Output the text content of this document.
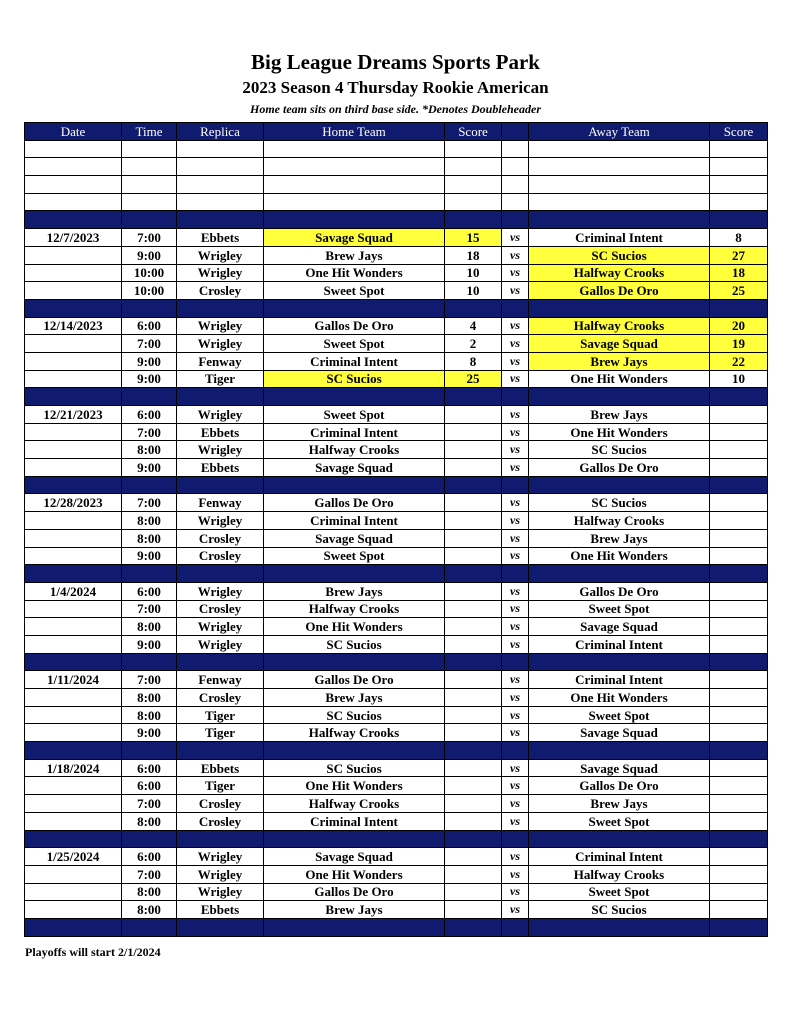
Big League Dreams Sports Park
2023 Season 4 Thursday Rookie American
Home team sits on third base side. *Denotes Doubleheader
Date	Time	Replica	Home Team	Score		Away Team	Score

12/7/2023	7:00	Ebbets	Savage Squad	15	vs	Criminal Intent	8
	9:00	Wrigley	Brew Jays	18	vs	SC Sucios	27
	10:00	Wrigley	One Hit Wonders	10	vs	Halfway Crooks	18
	10:00	Crosley	Sweet Spot	10	vs	Gallos De Oro	25

12/14/2023	6:00	Wrigley	Gallos De Oro	4	vs	Halfway Crooks	20
	7:00	Wrigley	Sweet Spot	2	vs	Savage Squad	19
	9:00	Fenway	Criminal Intent	8	vs	Brew Jays	22
	9:00	Tiger	SC Sucios	25	vs	One Hit Wonders	10

12/21/2023	6:00	Wrigley	Sweet Spot		vs	Brew Jays	
	7:00	Ebbets	Criminal Intent		vs	One Hit Wonders	
	8:00	Wrigley	Halfway Crooks		vs	SC Sucios	
	9:00	Ebbets	Savage Squad		vs	Gallos De Oro	

12/28/2023	7:00	Fenway	Gallos De Oro		vs	SC Sucios	
	8:00	Wrigley	Criminal Intent		vs	Halfway Crooks	
	8:00	Crosley	Savage Squad		vs	Brew Jays	
	9:00	Crosley	Sweet Spot		vs	One Hit Wonders	

1/4/2024	6:00	Wrigley	Brew Jays		vs	Gallos De Oro	
	7:00	Crosley	Halfway Crooks		vs	Sweet Spot	
	8:00	Wrigley	One Hit Wonders		vs	Savage Squad	
	9:00	Wrigley	SC Sucios		vs	Criminal Intent	

1/11/2024	7:00	Fenway	Gallos De Oro		vs	Criminal Intent	
	8:00	Crosley	Brew Jays		vs	One Hit Wonders	
	8:00	Tiger	SC Sucios		vs	Sweet Spot	
	9:00	Tiger	Halfway Crooks		vs	Savage Squad	

1/18/2024	6:00	Ebbets	SC Sucios		vs	Savage Squad	
	6:00	Tiger	One Hit Wonders		vs	Gallos De Oro	
	7:00	Crosley	Halfway Crooks		vs	Brew Jays	
	8:00	Crosley	Criminal Intent		vs	Sweet Spot	

1/25/2024	6:00	Wrigley	Savage Squad		vs	Criminal Intent	
	7:00	Wrigley	One Hit Wonders		vs	Halfway Crooks	
	8:00	Wrigley	Gallos De Oro		vs	Sweet Spot	
	8:00	Ebbets	Brew Jays		vs	SC Sucios	

Playoffs will start 2/1/2024
